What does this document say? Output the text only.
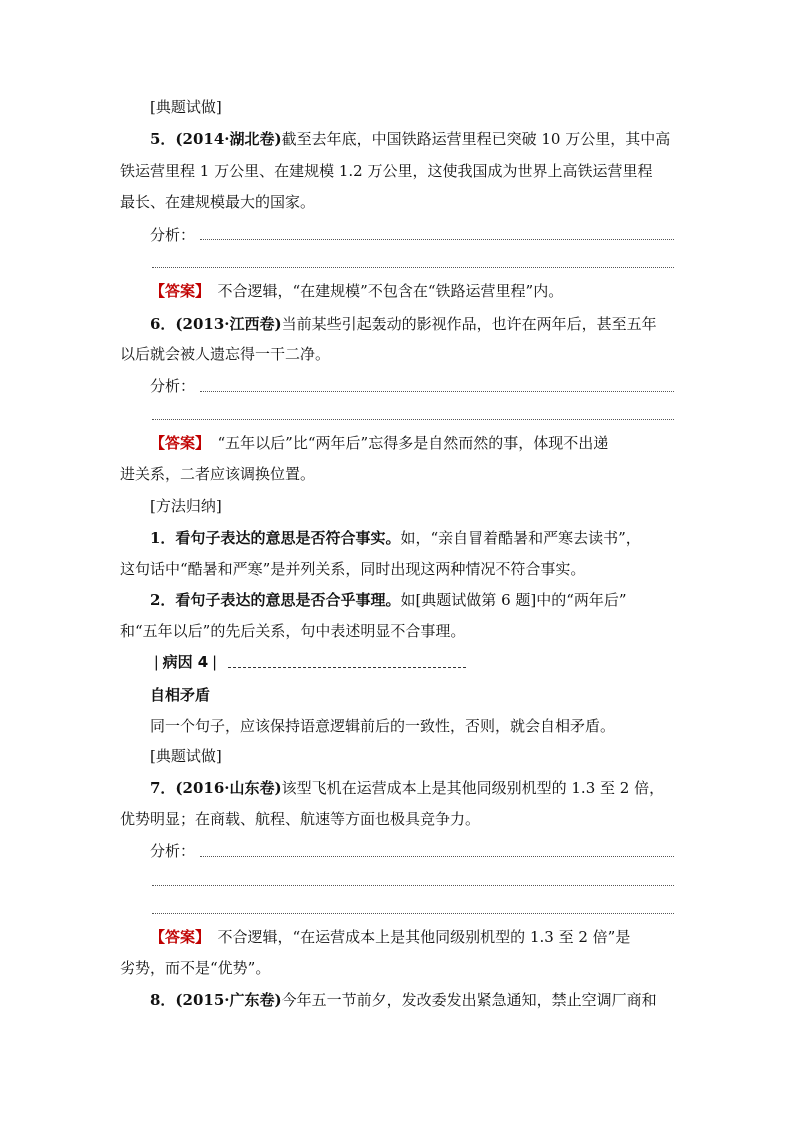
[典题试做]
5．(2014·湖北卷)截至去年底，中国铁路运营里程已突破 10 万公里，其中高
铁运营里程 1 万公里、在建规模 1.2 万公里，这使我国成为世界上高铁运营里程
最长、在建规模最大的国家。
分析：
【答案】　不合逻辑，“在建规模”不包含在“铁路运营里程”内。
6．(2013·江西卷)当前某些引起轰动的影视作品，也许在两年后，甚至五年
以后就会被人遗忘得一干二净。
分析：
【答案】　“五年以后”比“两年后”忘得多是自然而然的事，体现不出递
进关系，二者应该调换位置。
[方法归纳]
1．看句子表达的意思是否符合事实。如，“亲自冒着酷暑和严寒去读书”，
这句话中“酷暑和严寒”是并列关系，同时出现这两种情况不符合事实。
2．看句子表达的意思是否合乎事理。如[典题试做第 6 题]中的“两年后”
和“五年以后”的先后关系，句中表述明显不合事理。
❘病因 4❘
自相矛盾
同一个句子，应该保持语意逻辑前后的一致性，否则，就会自相矛盾。
[典题试做]
7．(2016·山东卷)该型飞机在运营成本上是其他同级别机型的 1.3 至 2 倍，
优势明显；在商载、航程、航速等方面也极具竞争力。
分析：
【答案】　不合逻辑，“在运营成本上是其他同级别机型的 1.3 至 2 倍”是
劣势，而不是“优势”。
8．(2015·广东卷)今年五一节前夕，发改委发出紧急通知，禁止空调厂商和
